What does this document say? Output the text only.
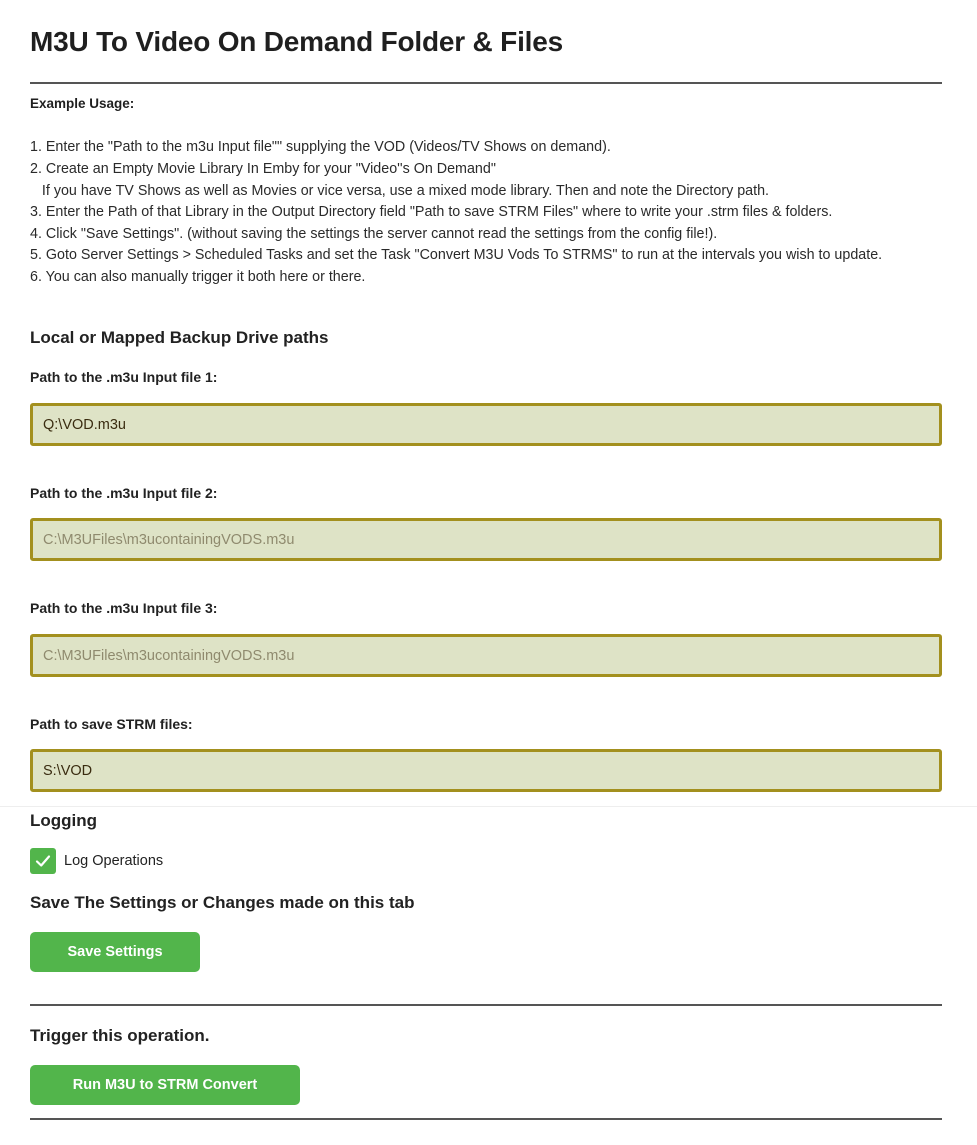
M3U To Video On Demand Folder & Files
Example Usage:
1. Enter the "Path to the m3u Input file"" supplying the VOD (Videos/TV Shows on demand).
2. Create an Empty Movie Library In Emby for your "Video''s On Demand"
If you have TV Shows as well as Movies or vice versa, use a mixed mode library. Then and note the Directory path.
3. Enter the Path of that Library in the Output Directory field "Path to save STRM Files" where to write your .strm files & folders.
4. Click "Save Settings". (without saving the settings the server cannot read the settings from the config file!).
5. Goto Server Settings > Scheduled Tasks and set the Task "Convert M3U Vods To STRMS" to run at the intervals you wish to update.
6. You can also manually trigger it both here or there.
Local or Mapped Backup Drive paths
Path to the .m3u Input file 1:
Q:\VOD.m3u
Path to the .m3u Input file 2:
C:\M3UFiles\m3ucontainingVODS.m3u
Path to the .m3u Input file 3:
C:\M3UFiles\m3ucontainingVODS.m3u
Path to save STRM files:
S:\VOD
Logging
Log Operations
Save The Settings or Changes made on this tab
Save Settings
Trigger this operation.
Run M3U to STRM Convert
